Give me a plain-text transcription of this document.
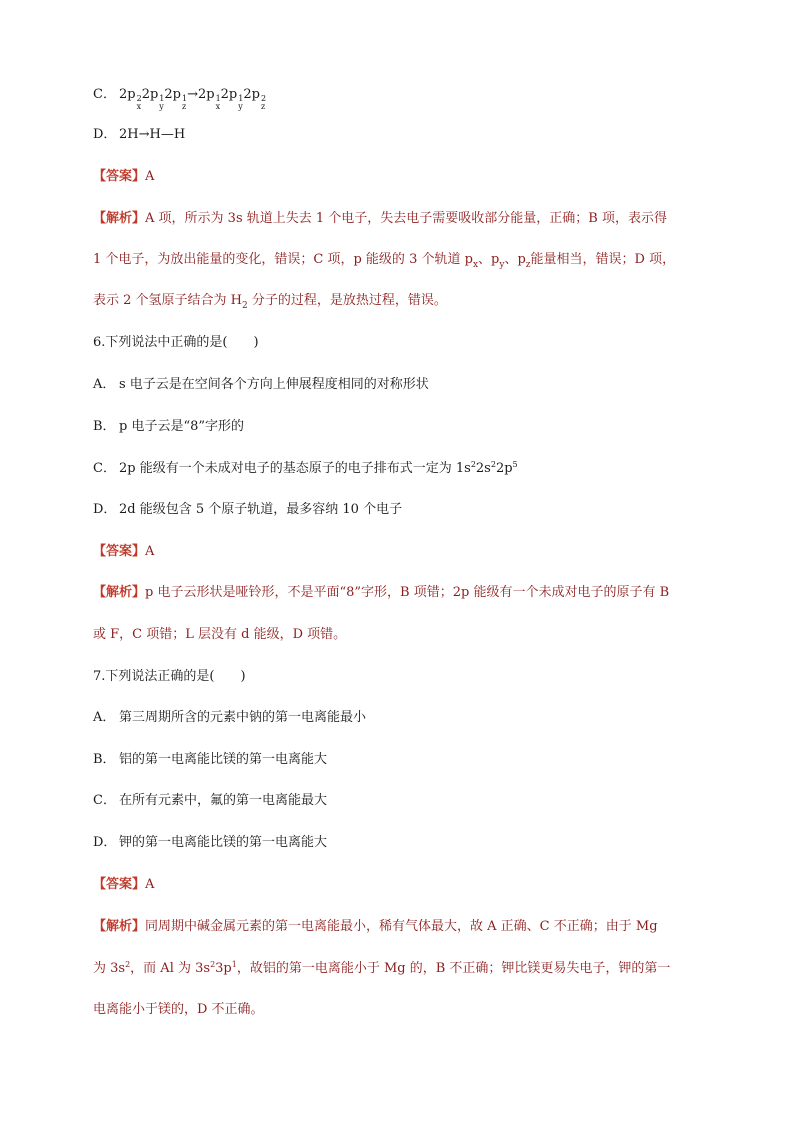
C． 2p 2
x
2p 1
y
2p 1
z
→2p 1
x
2p 1
y
2p 2
z
D． 2H→H—H
【答案】A
【解析】A 项，所示为 3s 轨道上失去 1 个电子，失去电子需要吸收部分能量，正确；B 项，表示得
1 个电子，为放出能量的变化，错误；C 项，p 能级的 3 个轨道 $p_x$、$p_y$、$p_z$能量相当，错误；D 项，
表示 2 个氢原子结合为 $H_2$ 分子的过程，是放热过程，错误。
6.下列说法中正确的是(　　)
A． s 电子云是在空间各个方向上伸展程度相同的对称形状
B． p 电子云是“8”字形的
C． 2p 能级有一个未成对电子的基态原子的电子排布式一定为 $1s^22s^22p^5$
D． 2d 能级包含 5 个原子轨道，最多容纳 10 个电子
【答案】A
【解析】p 电子云形状是哑铃形，不是平面“8”字形，B 项错；2p 能级有一个未成对电子的原子有 B
或 F，C 项错；L 层没有 d 能级，D 项错。
7.下列说法正确的是(　　)
A． 第三周期所含的元素中钠的第一电离能最小
B． 铝的第一电离能比镁的第一电离能大
C． 在所有元素中，氟的第一电离能最大
D． 钾的第一电离能比镁的第一电离能大
【答案】A
【解析】同周期中碱金属元素的第一电离能最小，稀有气体最大，故 A 正确、C 不正确；由于 Mg
为 $3s^2$，而 Al 为 $3s^23p^1$，故铝的第一电离能小于 Mg 的，B 不正确；钾比镁更易失电子，钾的第一
电离能小于镁的，D 不正确。
